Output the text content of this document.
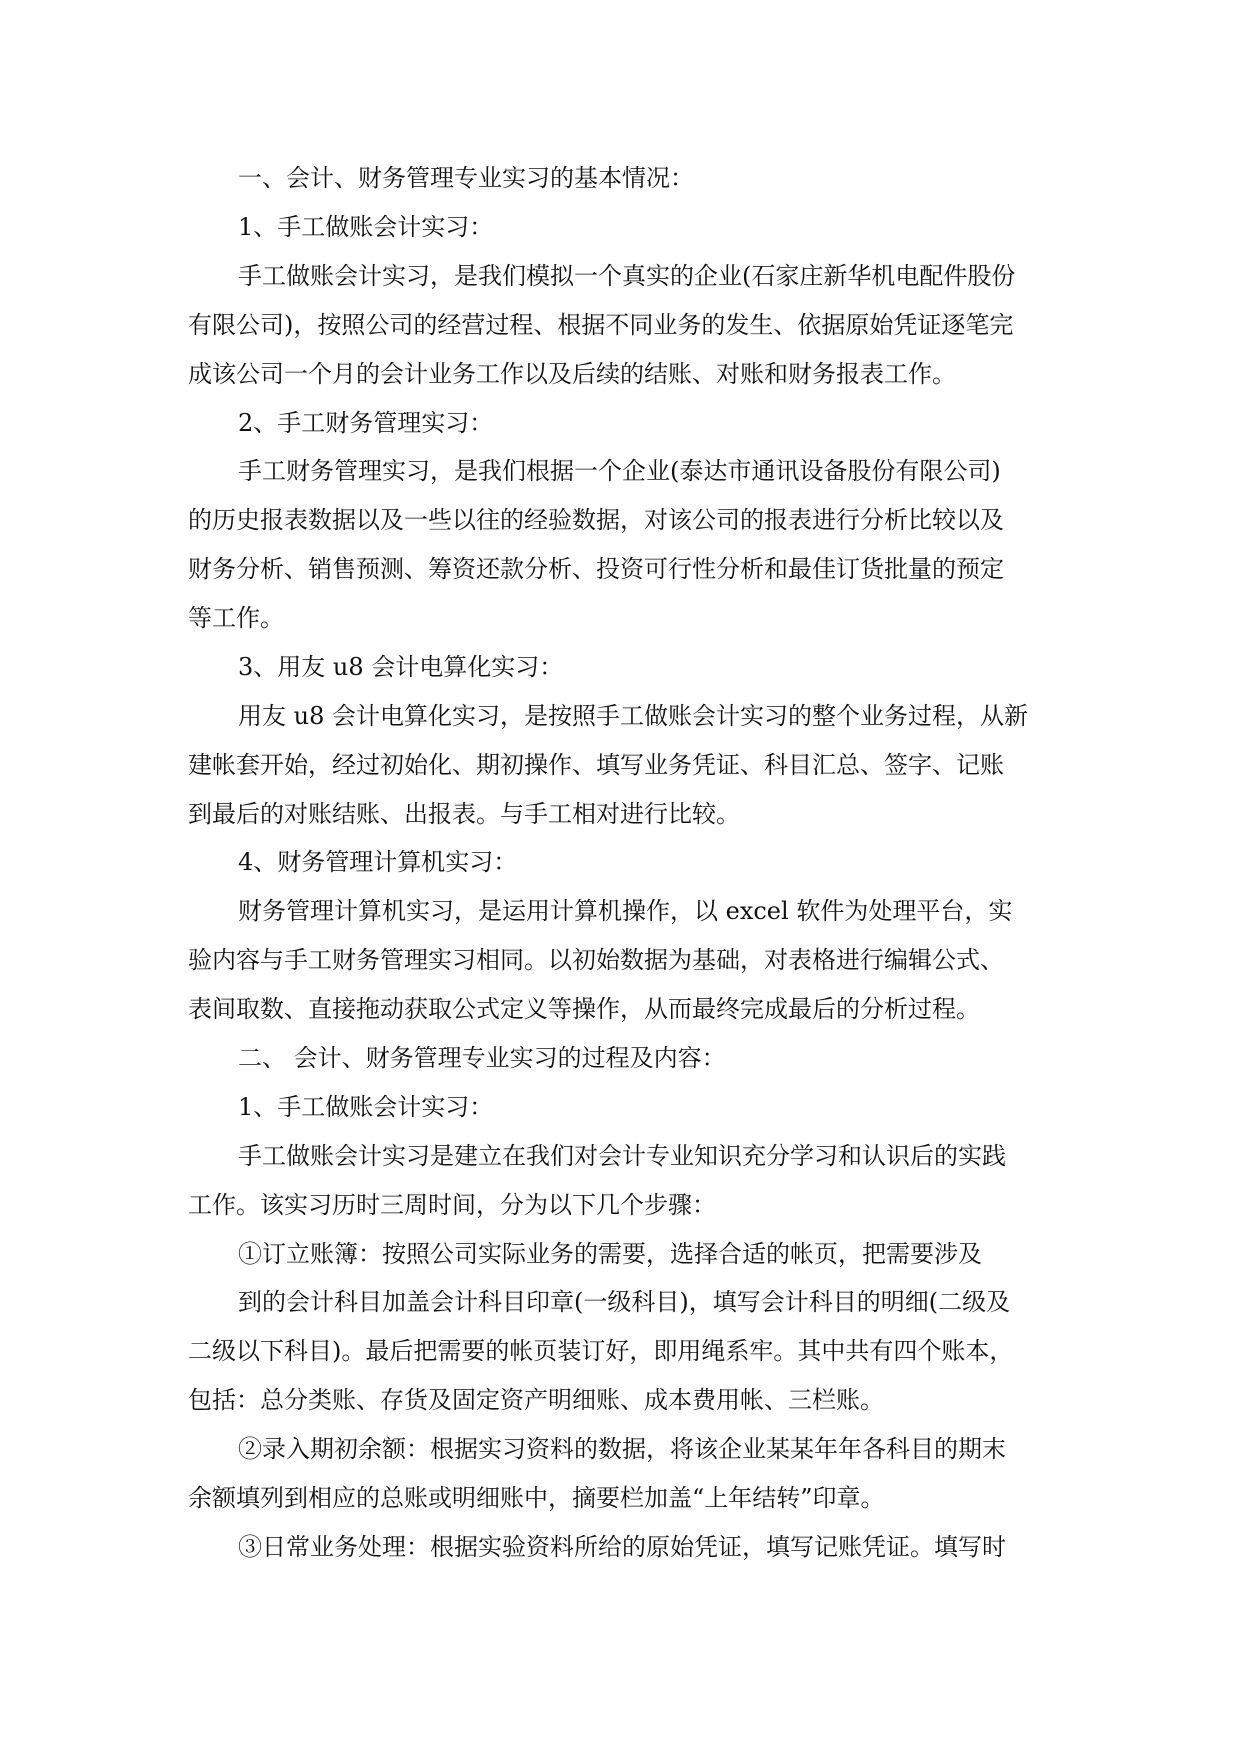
一、会计、财务管理专业实习的基本情况：
1、手工做账会计实习：
手工做账会计实习，是我们模拟一个真实的企业(石家庄新华机电配件股份
有限公司)，按照公司的经营过程、根据不同业务的发生、依据原始凭证逐笔完
成该公司一个月的会计业务工作以及后续的结账、对账和财务报表工作。
2、手工财务管理实习：
手工财务管理实习，是我们根据一个企业(泰达市通讯设备股份有限公司)
的历史报表数据以及一些以往的经验数据，对该公司的报表进行分析比较以及
财务分析、销售预测、筹资还款分析、投资可行性分析和最佳订货批量的预定
等工作。
3、用友 u8 会计电算化实习：
用友 u8 会计电算化实习，是按照手工做账会计实习的整个业务过程，从新
建帐套开始，经过初始化、期初操作、填写业务凭证、科目汇总、签字、记账
到最后的对账结账、出报表。与手工相对进行比较。
4、财务管理计算机实习：
财务管理计算机实习，是运用计算机操作，以 excel 软件为处理平台，实
验内容与手工财务管理实习相同。以初始数据为基础，对表格进行编辑公式、
表间取数、直接拖动获取公式定义等操作，从而最终完成最后的分析过程。
二、 会计、财务管理专业实习的过程及内容：
1、手工做账会计实习：
手工做账会计实习是建立在我们对会计专业知识充分学习和认识后的实践
工作。该实习历时三周时间，分为以下几个步骤：
①订立账簿：按照公司实际业务的需要，选择合适的帐页，把需要涉及
到的会计科目加盖会计科目印章(一级科目)，填写会计科目的明细(二级及
二级以下科目)。最后把需要的帐页装订好，即用绳系牢。其中共有四个账本，
包括：总分类账、存货及固定资产明细账、成本费用帐、三栏账。
②录入期初余额：根据实习资料的数据，将该企业某某年年各科目的期末
余额填列到相应的总账或明细账中，摘要栏加盖“上年结转”印章。
③日常业务处理：根据实验资料所给的原始凭证，填写记账凭证。填写时
